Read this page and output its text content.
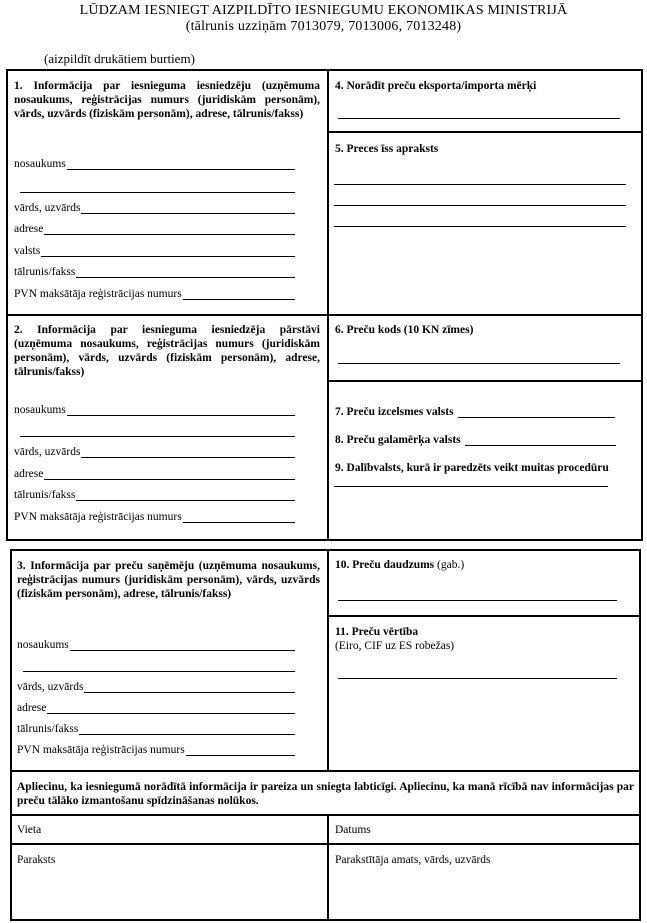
LŪDZAM IESNIEGT AIZPILDĪTO IESNIEGUMU EKONOMIKAS MINISTRIJĀ
(tālrunis uzziņām 7013079, 7013006, 7013248)
(aizpildīt drukātiem burtiem)
1. Informācija par iesnieguma iesniedzēju (uzņēmuma nosaukums, reģistrācijas numurs (juridiskām personām), vārds, uzvārds (fiziskām personām), adrese, tālrunis/fakss)
nosaukums
vārds, uzvārds
adrese
valsts
tālrunis/fakss
PVN maksātāja reģistrācijas numurs
4. Norādīt preču eksporta/importa mērķi
5. Preces īss apraksts
2. Informācija par iesnieguma iesniedzēja pārstāvi (uzņēmuma nosaukums, reģistrācijas numurs (juridiskām personām), vārds, uzvārds (fiziskām personām), adrese, tālrunis/fakss)
nosaukums
vārds, uzvārds
adrese
tālrunis/fakss
PVN maksātāja reģistrācijas numurs
6. Preču kods (10 KN zīmes)
7. Preču izcelsmes valsts
8. Preču galamērķa valsts
9. Dalībvalsts, kurā ir paredzēts veikt muitas procedūru
3. Informācija par preču saņēmēju (uzņēmuma nosaukums, reģistrācijas numurs (juridiskām personām), vārds, uzvārds (fiziskām personām), adrese, tālrunis/fakss)
nosaukums
vārds, uzvārds
adrese
tālrunis/fakss
PVN maksātāja reģistrācijas numurs
10. Preču daudzums (gab.)
11. Preču vērtība
(Eiro, CIF uz ES robežas)
Apliecinu, ka iesniegumā norādītā informācija ir pareiza un sniegta labticīgi. Apliecinu, ka manā rīcībā nav informācijas par preču tālāko izmantošanu spīdzināšanas nolūkos.
Vieta	Datums
Paraksts	Parakstītāja amats, vārds, uzvārds
